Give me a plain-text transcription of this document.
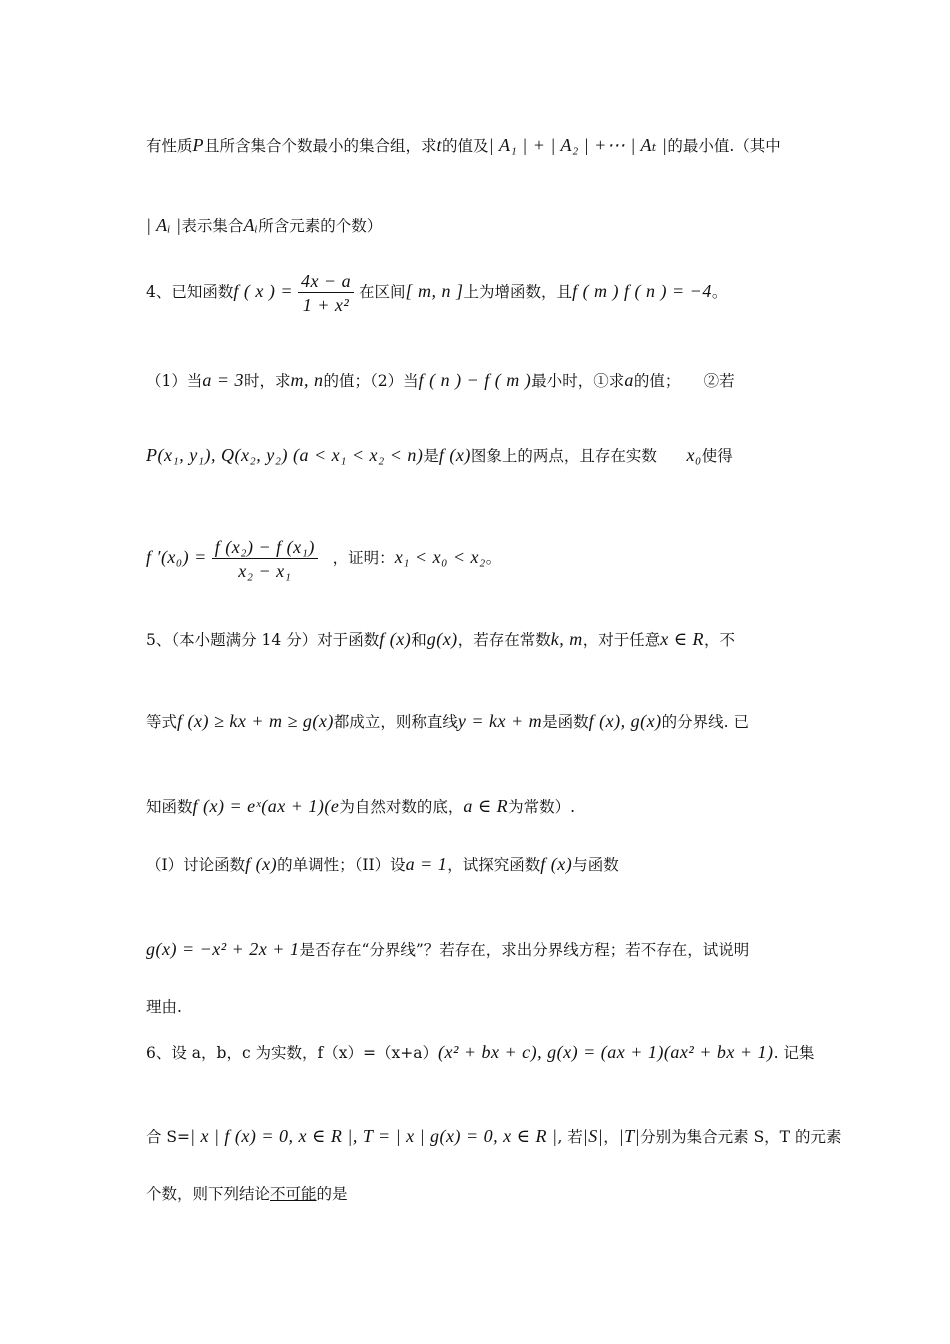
有性质P且所含集合个数最小的集合组，求t的值及| A₁ | + | A₂ | +⋯ | Aₜ |的最小值.（其中
| Aᵢ |表示集合Aᵢ所含元素的个数）
4、已知函数f ( x ) = $\frac{4x - a}{\text{1 + x²}}$ 在区间[ m, n ]上为增函数，且f ( m ) f ( n ) = −4。
（1）当a = 3时，求m, n的值；（2）当f ( n ) − f ( m )最小时，①求a的值；　　②若
P(x₁, y₁), Q(x₂, y₂) (a < x₁ < x₂ < n)是f (x)图象上的两点，且存在实数 x₀使得
f $'(x_0) = \frac{\text{f (x₂) − f (x₁)}}{\text{x₂ − x₁}}$ ，证明：x₁ < x₀ < x₂。
5、（本小题满分 14 分）对于函数f (x)和g(x)，若存在常数k, m，对于任意x ∈ R，不
等式f (x) ≥ kx + m ≥ g(x)都成立，则称直线y = kx + m是函数f (x), g(x)的分界线. 已
知函数f (x) = eˣ(ax + 1)(e为自然对数的底，a ∈ R为常数）.
（I）讨论函数f (x)的单调性；（II）设a = 1，试探究函数f (x)与函数
g(x) = −x² + 2x + 1是否存在“分界线”？若存在，求出分界线方程；若不存在，试说明
理由.
6、设 a，b，c 为实数，f（x）=（x+a）(x² + bx + c), g(x) = (ax + 1)(ax² + bx + 1). 记集
合 S=| x | f (x) = 0, x ∈ R |, T = | x | g(x) = 0, x ∈ R |, 若|S|，|T|分别为集合元素 S，T 的元素
个数，则下列结论不可能的是
